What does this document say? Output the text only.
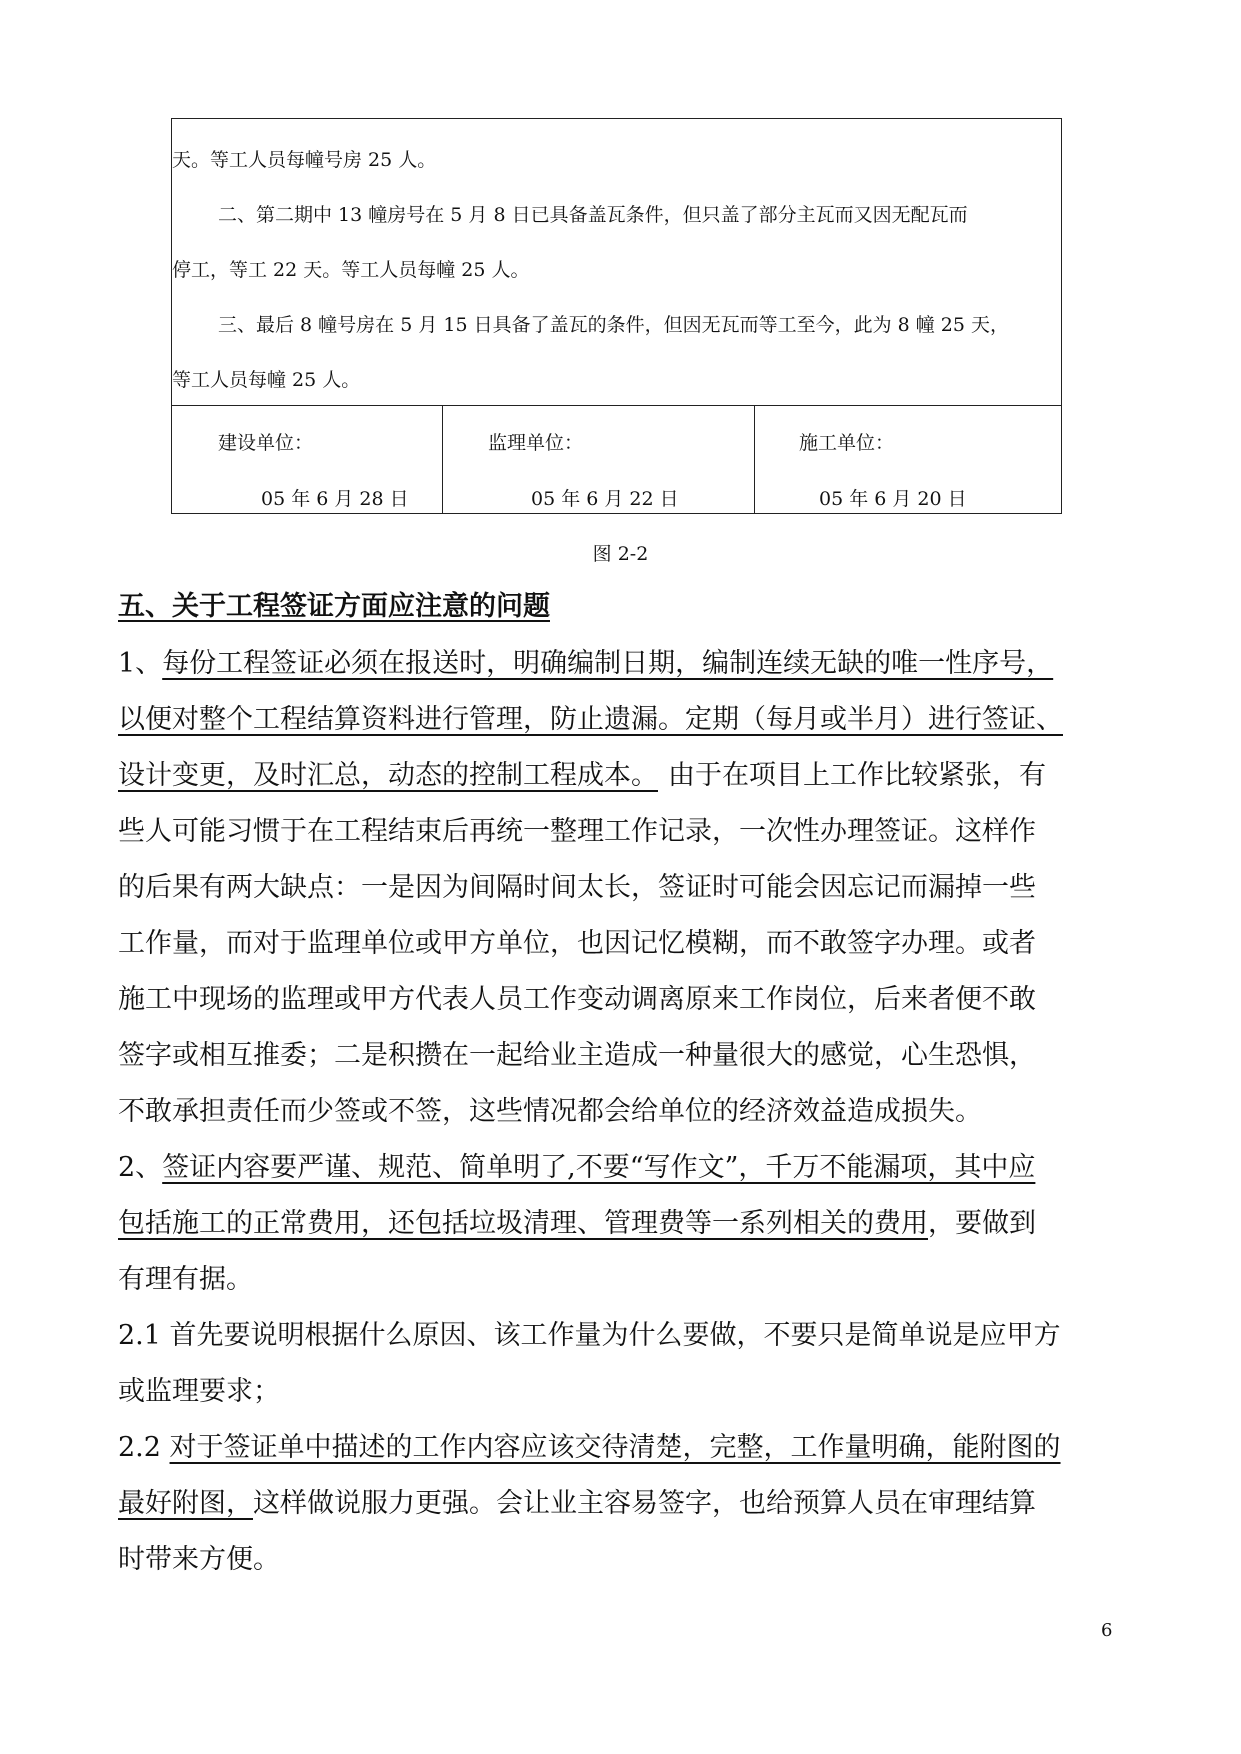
天。等工人员每幢号房 25 人。
二、第二期中 13 幢房号在 5 月 8 日已具备盖瓦条件，但只盖了部分主瓦而又因无配瓦而
停工，等工 22 天。等工人员每幢 25 人。
三、最后 8 幢号房在 5 月 15 日具备了盖瓦的条件，但因无瓦而等工至今，此为 8 幢 25 天，
等工人员每幢 25 人。
建设单位：
05 年 6 月 28 日
监理单位：
05 年 6 月 22 日
施工单位：
05 年 6 月 20 日
图 2-2
五、关于工程签证方面应注意的问题
1、每份工程签证必须在报送时，明确编制日期，编制连续无缺的唯一性序号，
以便对整个工程结算资料进行管理，防止遗漏。定期（每月或半月）进行签证、
设计变更，及时汇总，动态的控制工程成本。 由于在项目上工作比较紧张，有
些人可能习惯于在工程结束后再统一整理工作记录，一次性办理签证。这样作
的后果有两大缺点：一是因为间隔时间太长，签证时可能会因忘记而漏掉一些
工作量，而对于监理单位或甲方单位，也因记忆模糊，而不敢签字办理。或者
施工中现场的监理或甲方代表人员工作变动调离原来工作岗位，后来者便不敢
签字或相互推委；二是积攒在一起给业主造成一种量很大的感觉，心生恐惧，
不敢承担责任而少签或不签，这些情况都会给单位的经济效益造成损失。
2、签证内容要严谨、规范、简单明了,不要“写作文”，千万不能漏项，其中应
包括施工的正常费用，还包括垃圾清理、管理费等一系列相关的费用，要做到
有理有据。
2.1 首先要说明根据什么原因、该工作量为什么要做，不要只是简单说是应甲方
或监理要求；
2.2 对于签证单中描述的工作内容应该交待清楚，完整，工作量明确，能附图的
最好附图，这样做说服力更强。会让业主容易签字，也给预算人员在审理结算
时带来方便。
6
